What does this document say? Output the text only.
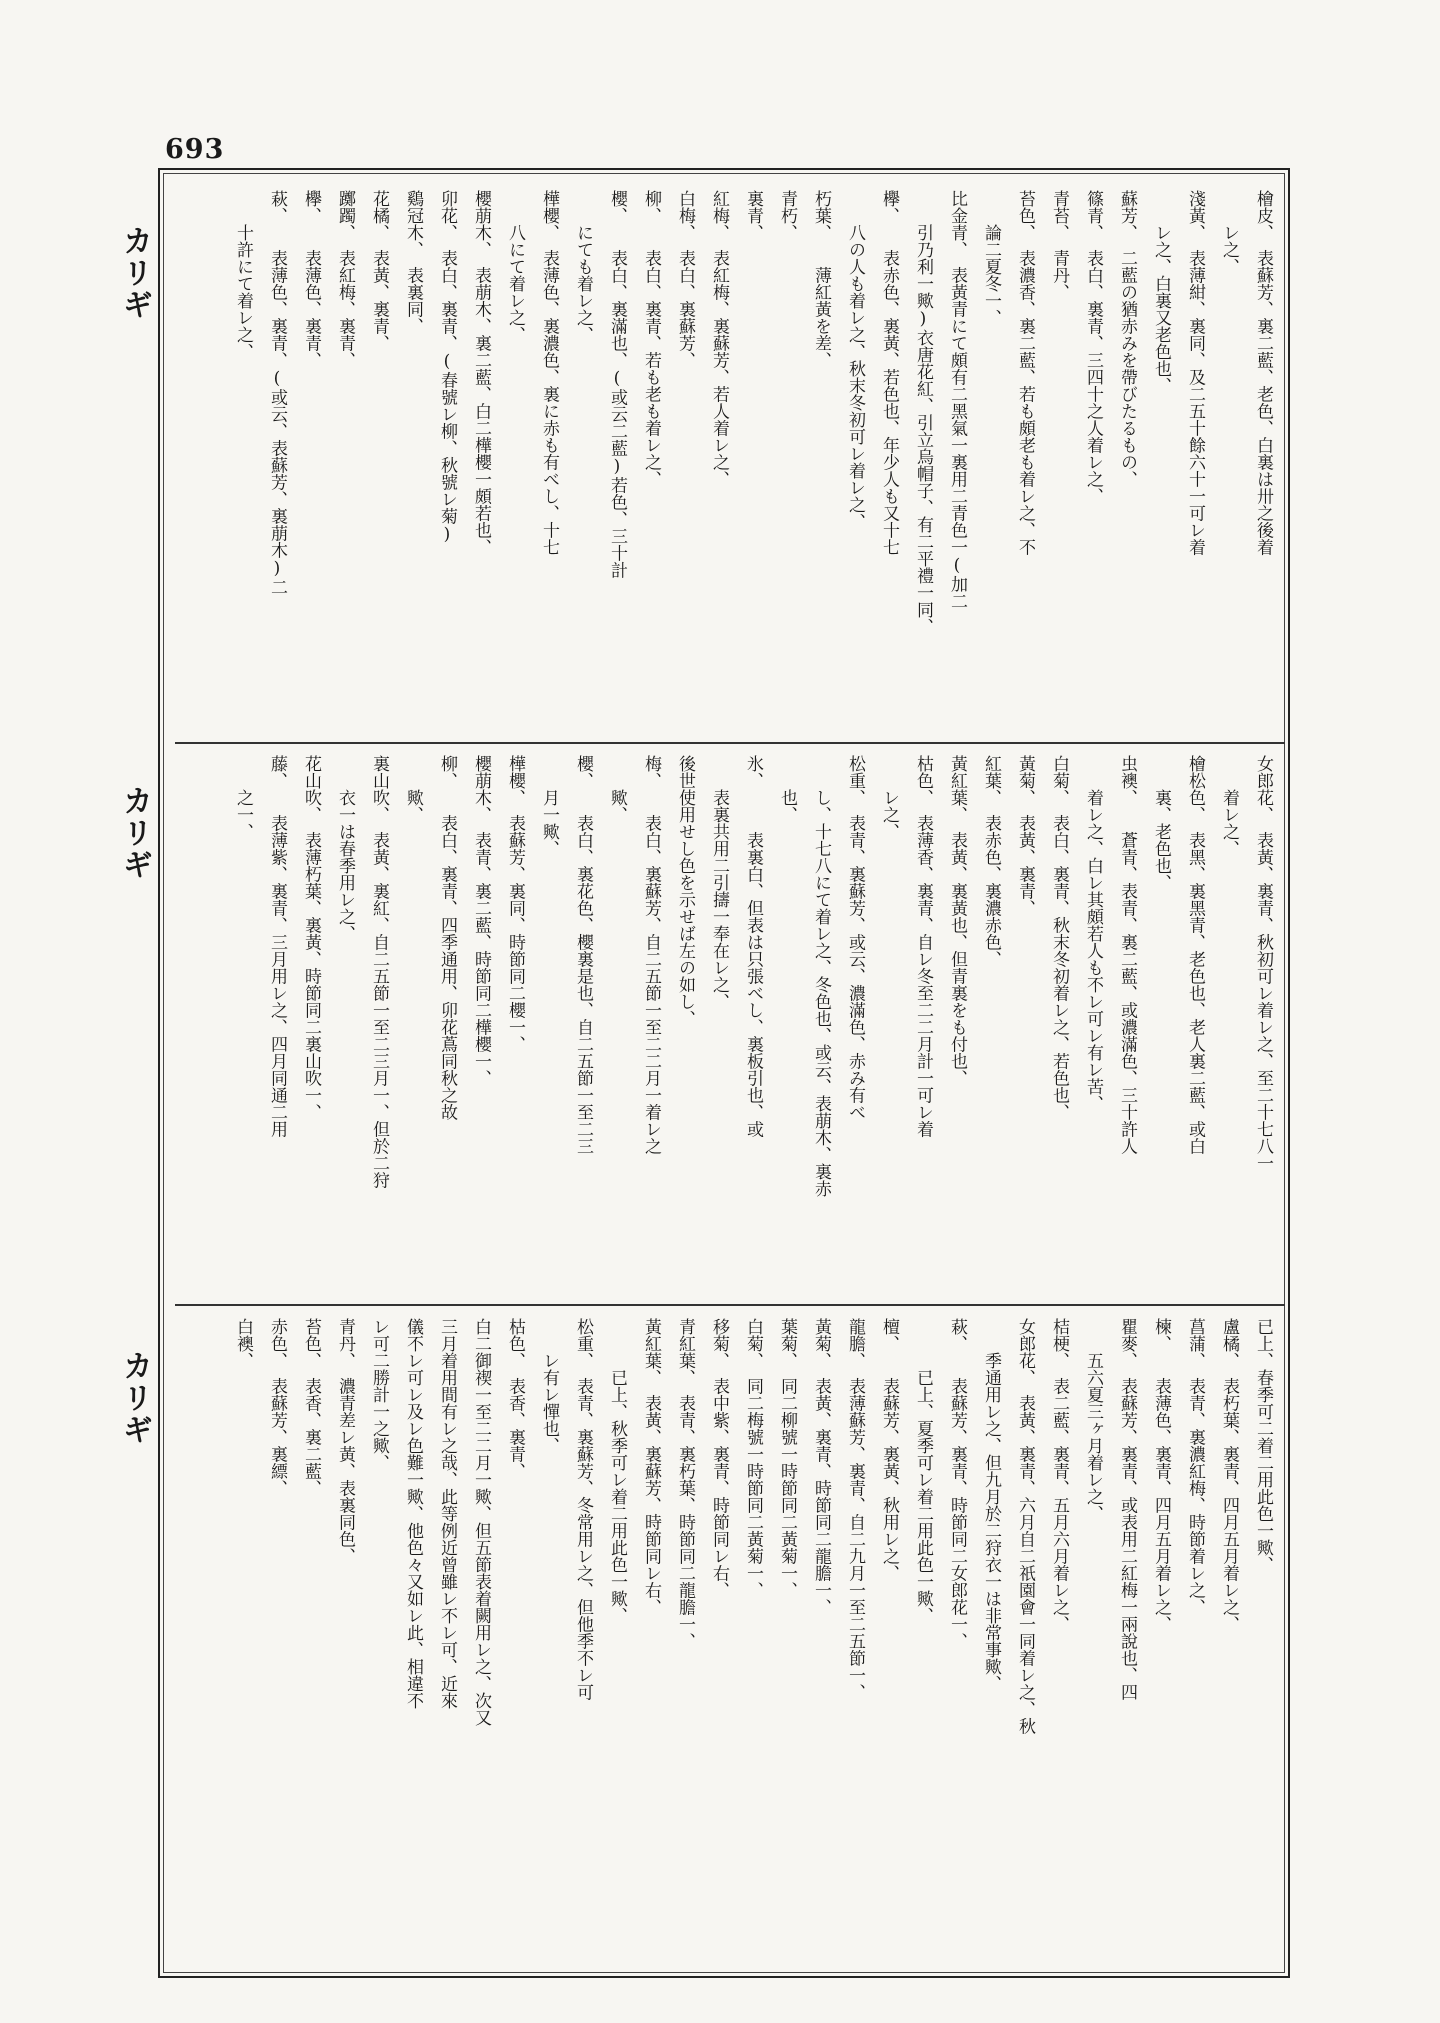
693
カリギ
カリギ
カリギ
檜皮、　表蘇芳、裏二藍、老色、白裏は卅之後着
　　レ之、
淺黃、　表薄紺、裏同、及二五十餘六十一可レ着
　　レ之、白裏又老色也、
蘇芳、　二藍の猶赤みを帶びたるもの、
篠青、　表白、裏青、三四十之人着レ之、
青苔、　青丹、
苔色、　表濃香、裏二藍、若も頗老も着レ之、不
　　論二夏冬一、
比金青、　表黃青にて頗有二黑氣一裏用二青色一(加二
　　引乃利一歟)衣唐花紅、引立烏帽子、有二平禮一同、
欅、　　表赤色、裏黃、若色也、年少人も又十七
　　八の人も着レ之、秋末冬初可レ着レ之、
朽葉、　　薄紅黃を差、
青朽、
裏青、
紅梅、　表紅梅、裏蘇芳、若人着レ之、
白梅、　表白、裏蘇芳、
柳、　　表白、裏青、若も老も着レ之、
櫻、　　表白、裏滿也、(或云二藍)若色、三十計
　　にても着レ之、
樺櫻、　表薄色、裏濃色、裏に赤も有べし、十七
　　八にて着レ之、
櫻萠木、　表萠木、裏二藍、白二樺櫻一頗若也、
卯花、　表白、裏青、(春號レ柳、秋號レ菊)
鷄冠木、　表裏同、
花橘、　表黃、裏青、
躑躅、　表紅梅、裏青、
欅、　　表薄色、裏青、
萩、　　表薄色、裏青、(或云、表蘇芳、裏萠木)二
　　十許にて着レ之、
女郎花、　表黃、裏青、秋初可レ着レ之、至二十七八一
　　着レ之、
檜松色、　表黑、裏黑青、老色也、老人裏二藍、或白
　　裏、老色也、
虫襖、　　蒼青、表青、裏二藍、或濃滿色、三十許人
　　着レ之、白レ其頗若人も不レ可レ有レ苦、
白菊、　表白、裏青、秋末冬初着レ之、若色也、
黃菊、　表黃、裏青、
紅葉、　表赤色、裏濃赤色、
黃紅葉、　表黃、裏黃也、但青裏をも付也、
枯色、　表薄香、裏青、自レ冬至二二月計一可レ着
　　レ之、
松重、　表青、裏蘇芳、或云、濃滿色、赤み有べ
　　し、十七八にて着レ之、冬色也、或云、表萠木、裏赤
　　也、
氷、　　　表裏白、但表は只張べし、裏板引也、或
　　表裏共用二引擣一奉在レ之、
後世使用せし色を示せば左の如し、
梅、　　表白、裏蘇芳、自二五節一至二二月一着レ之
　　歟、
櫻、　　表白、裏花色、櫻裏是也、自二五節一至二三
　　月一歟、
樺櫻、　表蘇芳、裏同、時節同二櫻一、
櫻萠木、　表青、裏二藍、時節同二樺櫻一、
柳、　　表白、裏青、四季通用、卯花蔦同秋之故
　　歟、
裏山吹、　表黃、裏紅、自二五節一至二三月一、但於二狩
　　衣一は春季用レ之、
花山吹、　表薄朽葉、裏黃、時節同二裏山吹一、
藤、　　表薄紫、裏青、三月用レ之、四月同通二用
　　之一、
已上、春季可二着二用此色一歟、
盧橘、　表朽葉、裏青、四月五月着レ之、
菖蒲、　表青、裏濃紅梅、時節着レ之、
楝、　　表薄色、裏青、四月五月着レ之、
瞿麥、　表蘇芳、裏青、或表用二紅梅一兩說也、四
　　五六夏三ヶ月着レ之、
桔梗、　表二藍、裏青、五月六月着レ之、
女郎花、　表黃、裏青、六月自二祇園會一同着レ之、秋
　　季通用レ之、但九月於二狩衣一は非常事歟、
萩、　　表蘇芳、裏青、時節同二女郎花一、
　　　已上、夏季可レ着二用此色一歟、
檀、　　表蘇芳、裏黃、秋用レ之、
龍膽、　表薄蘇芳、裏青、自二九月一至二五節一、
黃菊、　表黃、裏青、時節同二龍膽一、
葉菊、　同二柳號一時節同二黃菊一、
白菊、　同二梅號一時節同二黃菊一、
移菊、　表中紫、裏青、時節同レ右、
青紅葉、　表青、裏朽葉、時節同二龍膽一、
黃紅葉、　表黃、裏蘇芳、時節同レ右、
　　　已上、秋季可レ着二用此色一歟、
松重、　表青、裏蘇芳、冬常用レ之、但他季不レ可
　　レ有レ憚也、
枯色、　表香、裏青、
白二御禊一至二二月一歟、但五節表着闕用レ之、次又
三月着用間有レ之哉、此等例近曾雖レ不レ可、近來
儀不レ可レ及レ色難一歟、他色々又如レ此、相違不
レ可二勝計一之歟、
青丹、　濃青差レ黃、表裏同色、
苔色、　表香、裏二藍、
赤色、　表蘇芳、裏縹、
白襖、
